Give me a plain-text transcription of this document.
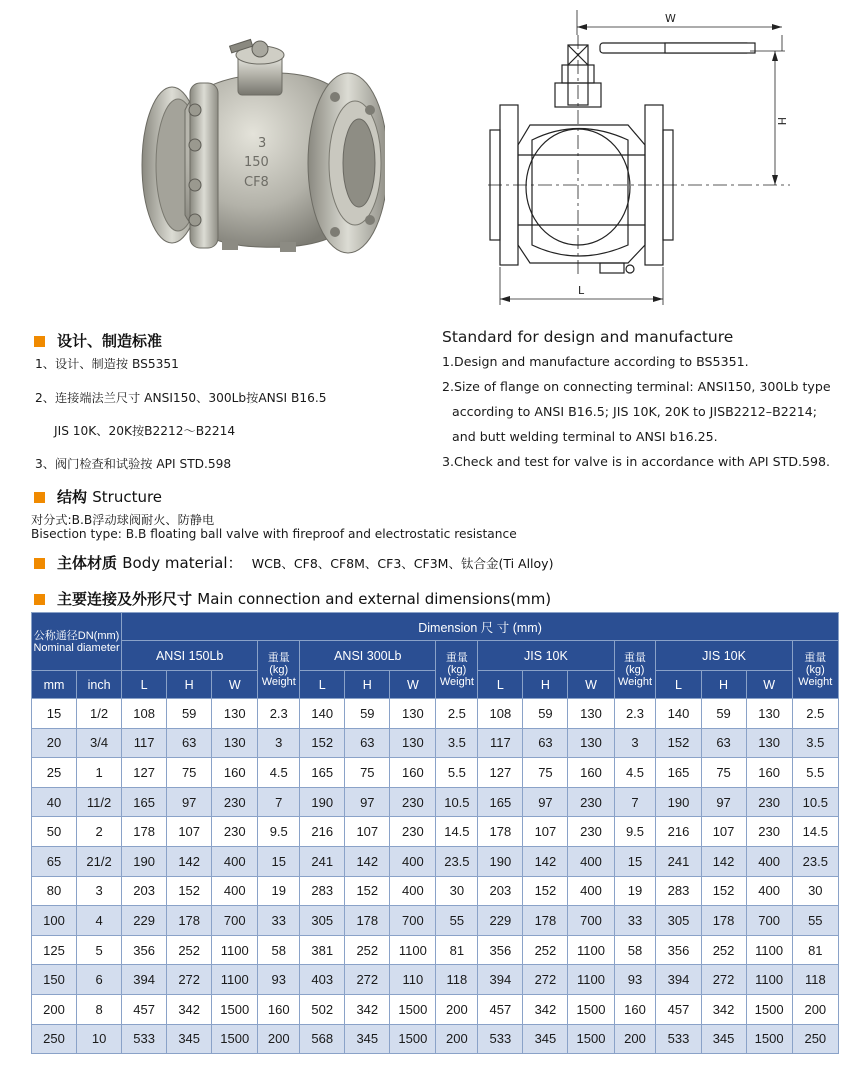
3
150
CF8
W
H
L
设计、制造标准
1、设计、制造按 BS5351
2、连接端法兰尺寸 ANSI150、300Lb按ANSI B16.5
JIS 10K、20K按B2212～B2214
3、阀门检查和试验按 API STD.598
Standard for design and manufacture
1.Design and manufacture according to BS5351.
2.Size of flange on connecting terminal: ANSI150, 300Lb type
according to ANSI B16.5; JIS 10K, 20K to JISB2212–B2214;
and butt welding terminal to ANSI b16.25.
3.Check and test for valve is in accordance with API STD.598.
结构 Structure
对分式:B.B浮动球阀耐火、防静电
Bisection type: B.B floating ball valve with fireproof and electrostatic resistance
主体材质 Body material： WCB、CF8、CF8M、CF3、CF3M、钛合金(Ti Alloy)
主要连接及外形尺寸 Main connection and external dimensions(mm)
公称通径DN(mm)
Nominal diameter		Dimension 尺 寸 (mm)															
		ANSI 150Lb			重量
(kg)
Weight	ANSI 300Lb			重量
(kg)
Weight	JIS 10K			重量
(kg)
Weight	JIS 10K			重量
(kg)
Weight
mm	inch	L	H	W		L	H	W		L	H	W		L	H	W	
15	1/2	108	59	130	2.3	140	59	130	2.5	108	59	130	2.3	140	59	130	2.5
20	3/4	117	63	130	3	152	63	130	3.5	117	63	130	3	152	63	130	3.5
25	1	127	75	160	4.5	165	75	160	5.5	127	75	160	4.5	165	75	160	5.5
40	11/2	165	97	230	7	190	97	230	10.5	165	97	230	7	190	97	230	10.5
50	2	178	107	230	9.5	216	107	230	14.5	178	107	230	9.5	216	107	230	14.5
65	21/2	190	142	400	15	241	142	400	23.5	190	142	400	15	241	142	400	23.5
80	3	203	152	400	19	283	152	400	30	203	152	400	19	283	152	400	30
100	4	229	178	700	33	305	178	700	55	229	178	700	33	305	178	700	55
125	5	356	252	1100	58	381	252	1100	81	356	252	1100	58	356	252	1100	81
150	6	394	272	1100	93	403	272	110	118	394	272	1100	93	394	272	1100	118
200	8	457	342	1500	160	502	342	1500	200	457	342	1500	160	457	342	1500	200
250	10	533	345	1500	200	568	345	1500	200	533	345	1500	200	533	345	1500	250
